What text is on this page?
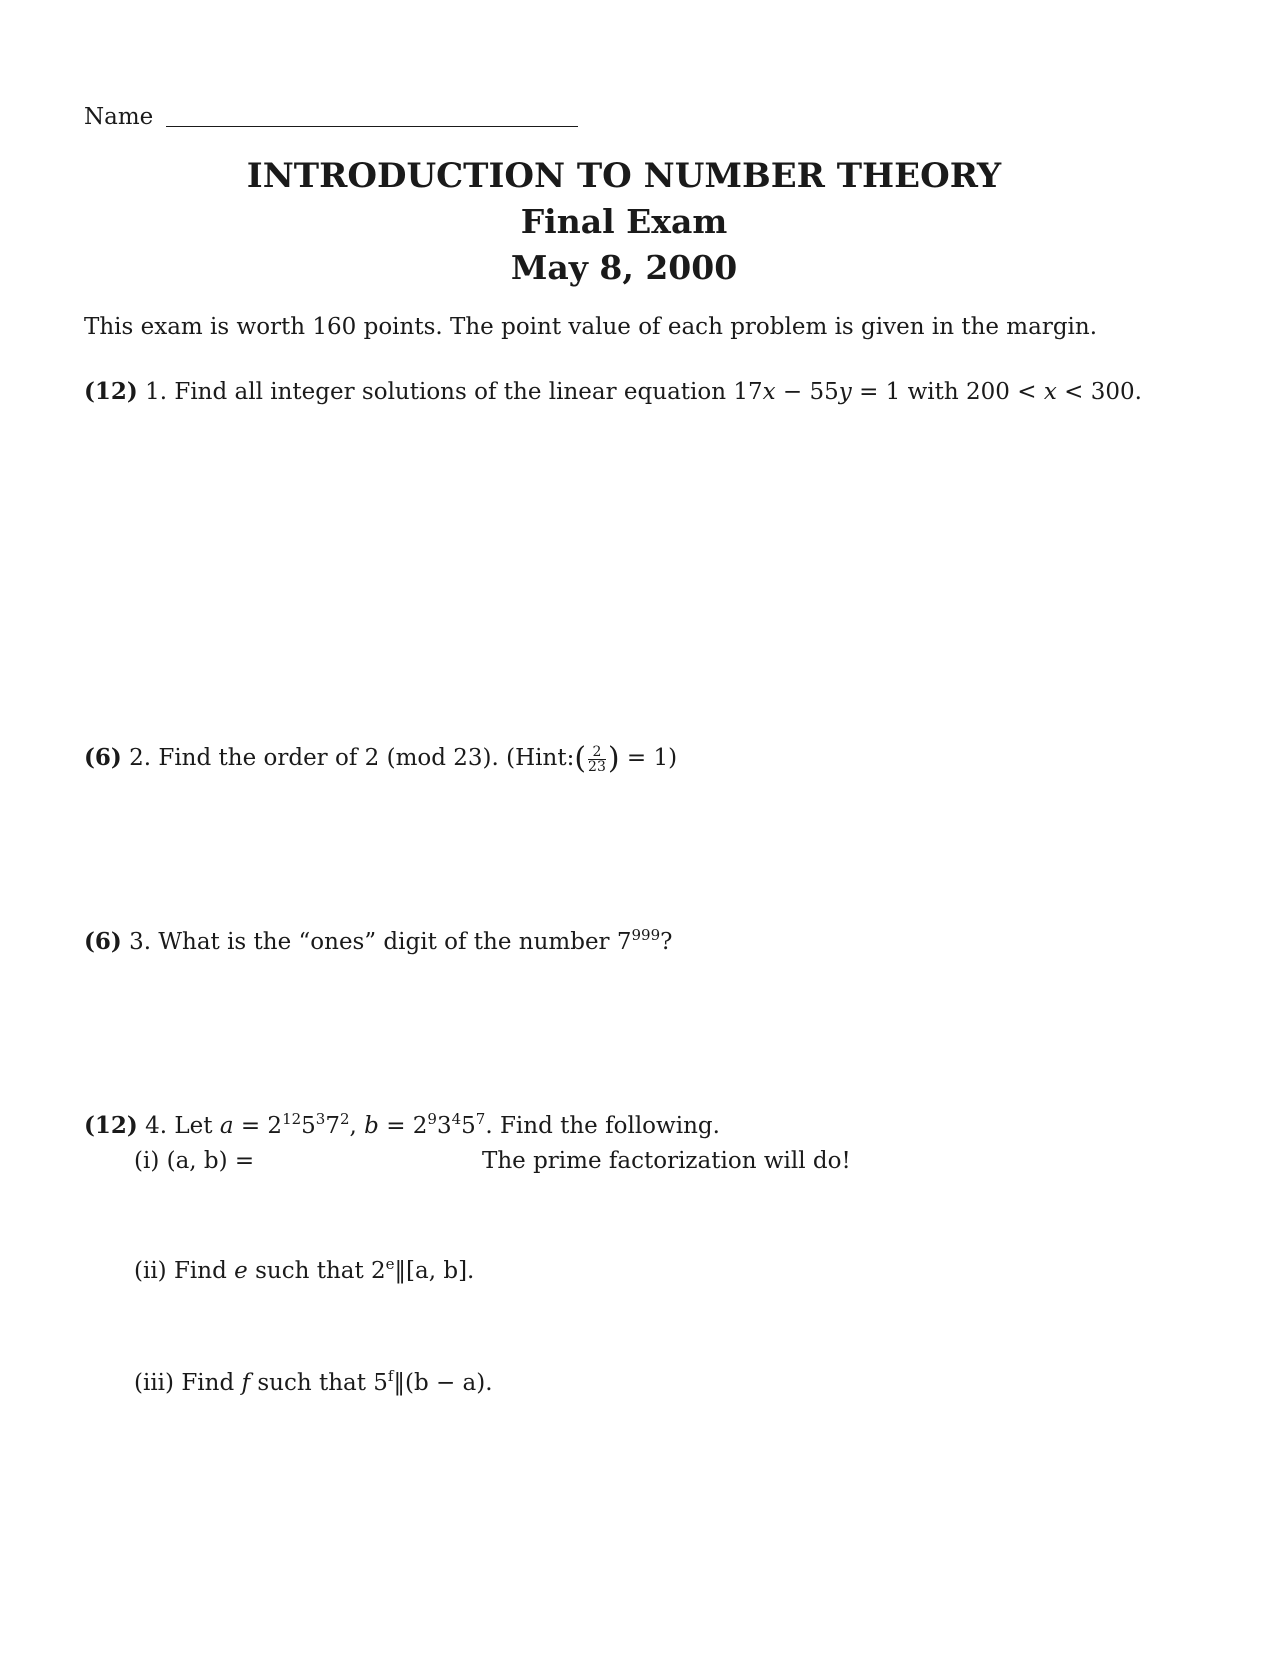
Name
INTRODUCTION TO NUMBER THEORY
Final Exam
May 8, 2000
This exam is worth 160 points. The point value of each problem is given in the margin.
(12) 1. Find all integer solutions of the linear equation 17x − 55y = 1 with 200 < x < 300.
(6) 2. Find the order of 2 (mod 23). (Hint:( $\frac{2}{23}$ ) = 1)
(6) 3. What is the “ones” digit of the number $7^{999}$?
(12) 4. Let $a = 2^{12}5^37^2$, $b = 2^93^45^7$. Find the following.
(i) (a, b) =	The prime factorization will do!
(ii) Find e such that 2e‖[a, b].
(iii) Find f such that $5^f‖(b - a)$.
